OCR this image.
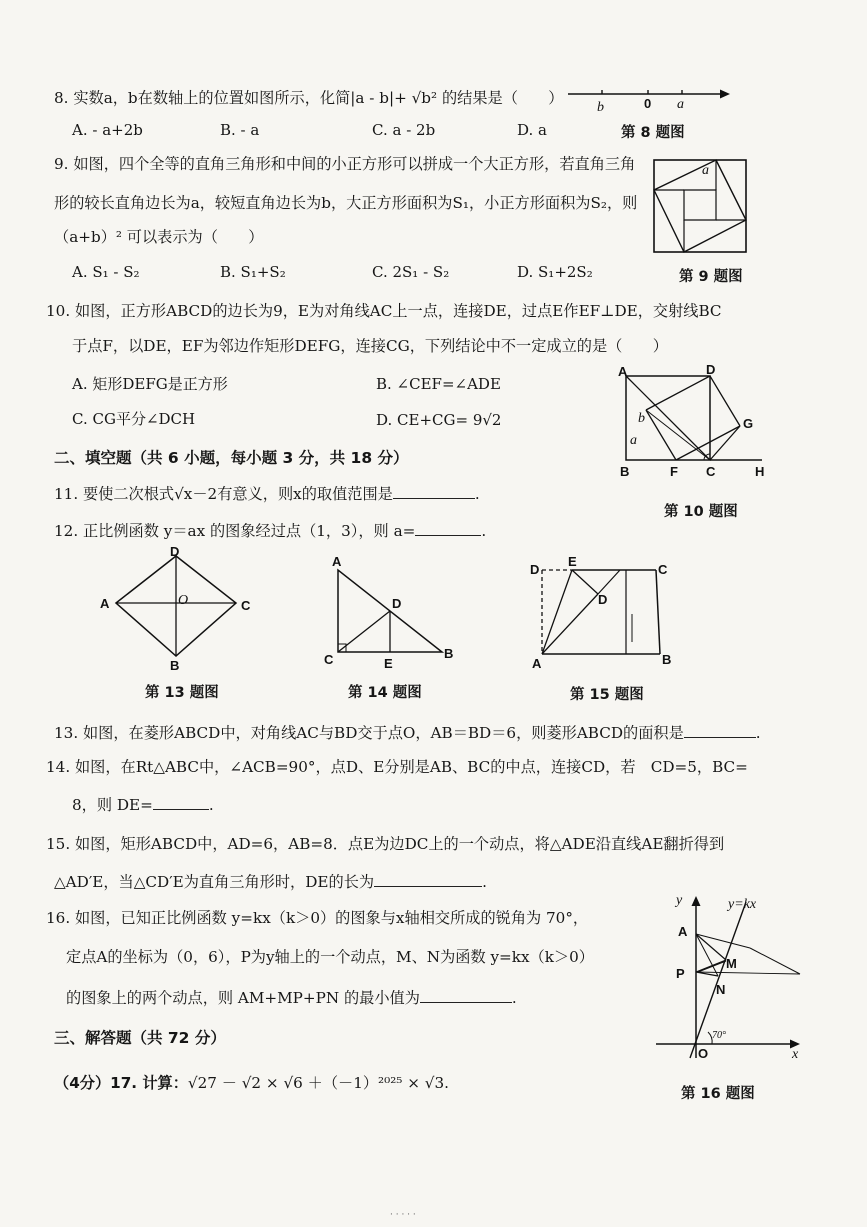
8. 实数a，b在数轴上的位置如图所示，化简|a - b|+ √b² 的结果是（　　）
b	0 a
A. - a+2b	B. - a	C. a - 2b	D. a	第 8 题图
9. 如图，四个全等的直角三角形和中间的小正方形可以拼成一个大正方形，若直角三角
形的较长直角边长为a，较短直角边长为b，大正方形面积为S₁，小正方形面积为S₂，则
（a+b）² 可以表示为（　　）
a
A. S₁ - S₂	B. S₁+S₂	C. 2S₁ - S₂	D. S₁+2S₂	第 9 题图
10. 如图，正方形ABCD的边长为9，E为对角线AC上一点，连接DE，过点E作EF⊥DE，交射线BC
于点F，以DE，EF为邻边作矩形DEFG，连接CG，下列结论中不一定成立的是（　　）
A. 矩形DEFG是正方形	B. ∠CEF=∠ADE
C. CG平分∠DCH	D. CE+CG= 9√2
A	D
G
B	F C	H
b
a
第 10 题图
二、填空题（共 6 小题，每小题 3 分，共 18 分）
11. 要使二次根式√x－2有意义，则x的取值范围是	.
12. 正比例函数 y＝ax 的图象经过点（1，3），则 a=	.
D
A	O	C
B
第 13 题图
A
D
C	E
B
第 14 题图
D
E
C
D
A	B
第 15 题图
13. 如图，在菱形ABCD中，对角线AC与BD交于点O，AB＝BD＝6，则菱形ABCD的面积是	.
14. 如图，在Rt△ABC中，∠ACB=90°，点D、E分别是AB、BC的中点，连接CD，若　CD=5，BC=
8，则 DE=	.
15. 如图，矩形ABCD中，AD=6，AB=8．点E为边DC上的一个动点，将△ADE沿直线AE翻折得到
△AD′E，当△CD′E为直角三角形时，DE的长为	.
16. 如图，已知正比例函数 y=kx（k＞0）的图象与x轴相交所成的锐角为 70°，
定点A的坐标为（0，6），P为y轴上的一个动点，M、N为函数 y=kx（k＞0）
的图象上的两个动点，则 AM+MP+PN 的最小值为	.
y	y=kx
A
M
P
N
70°
O	x
第 16 题图
三、解答题（共 72 分）
（4分）17. 计算：√27 － √2 × √6 ＋（－1）²⁰²⁵ × √3.
· · · · ·
